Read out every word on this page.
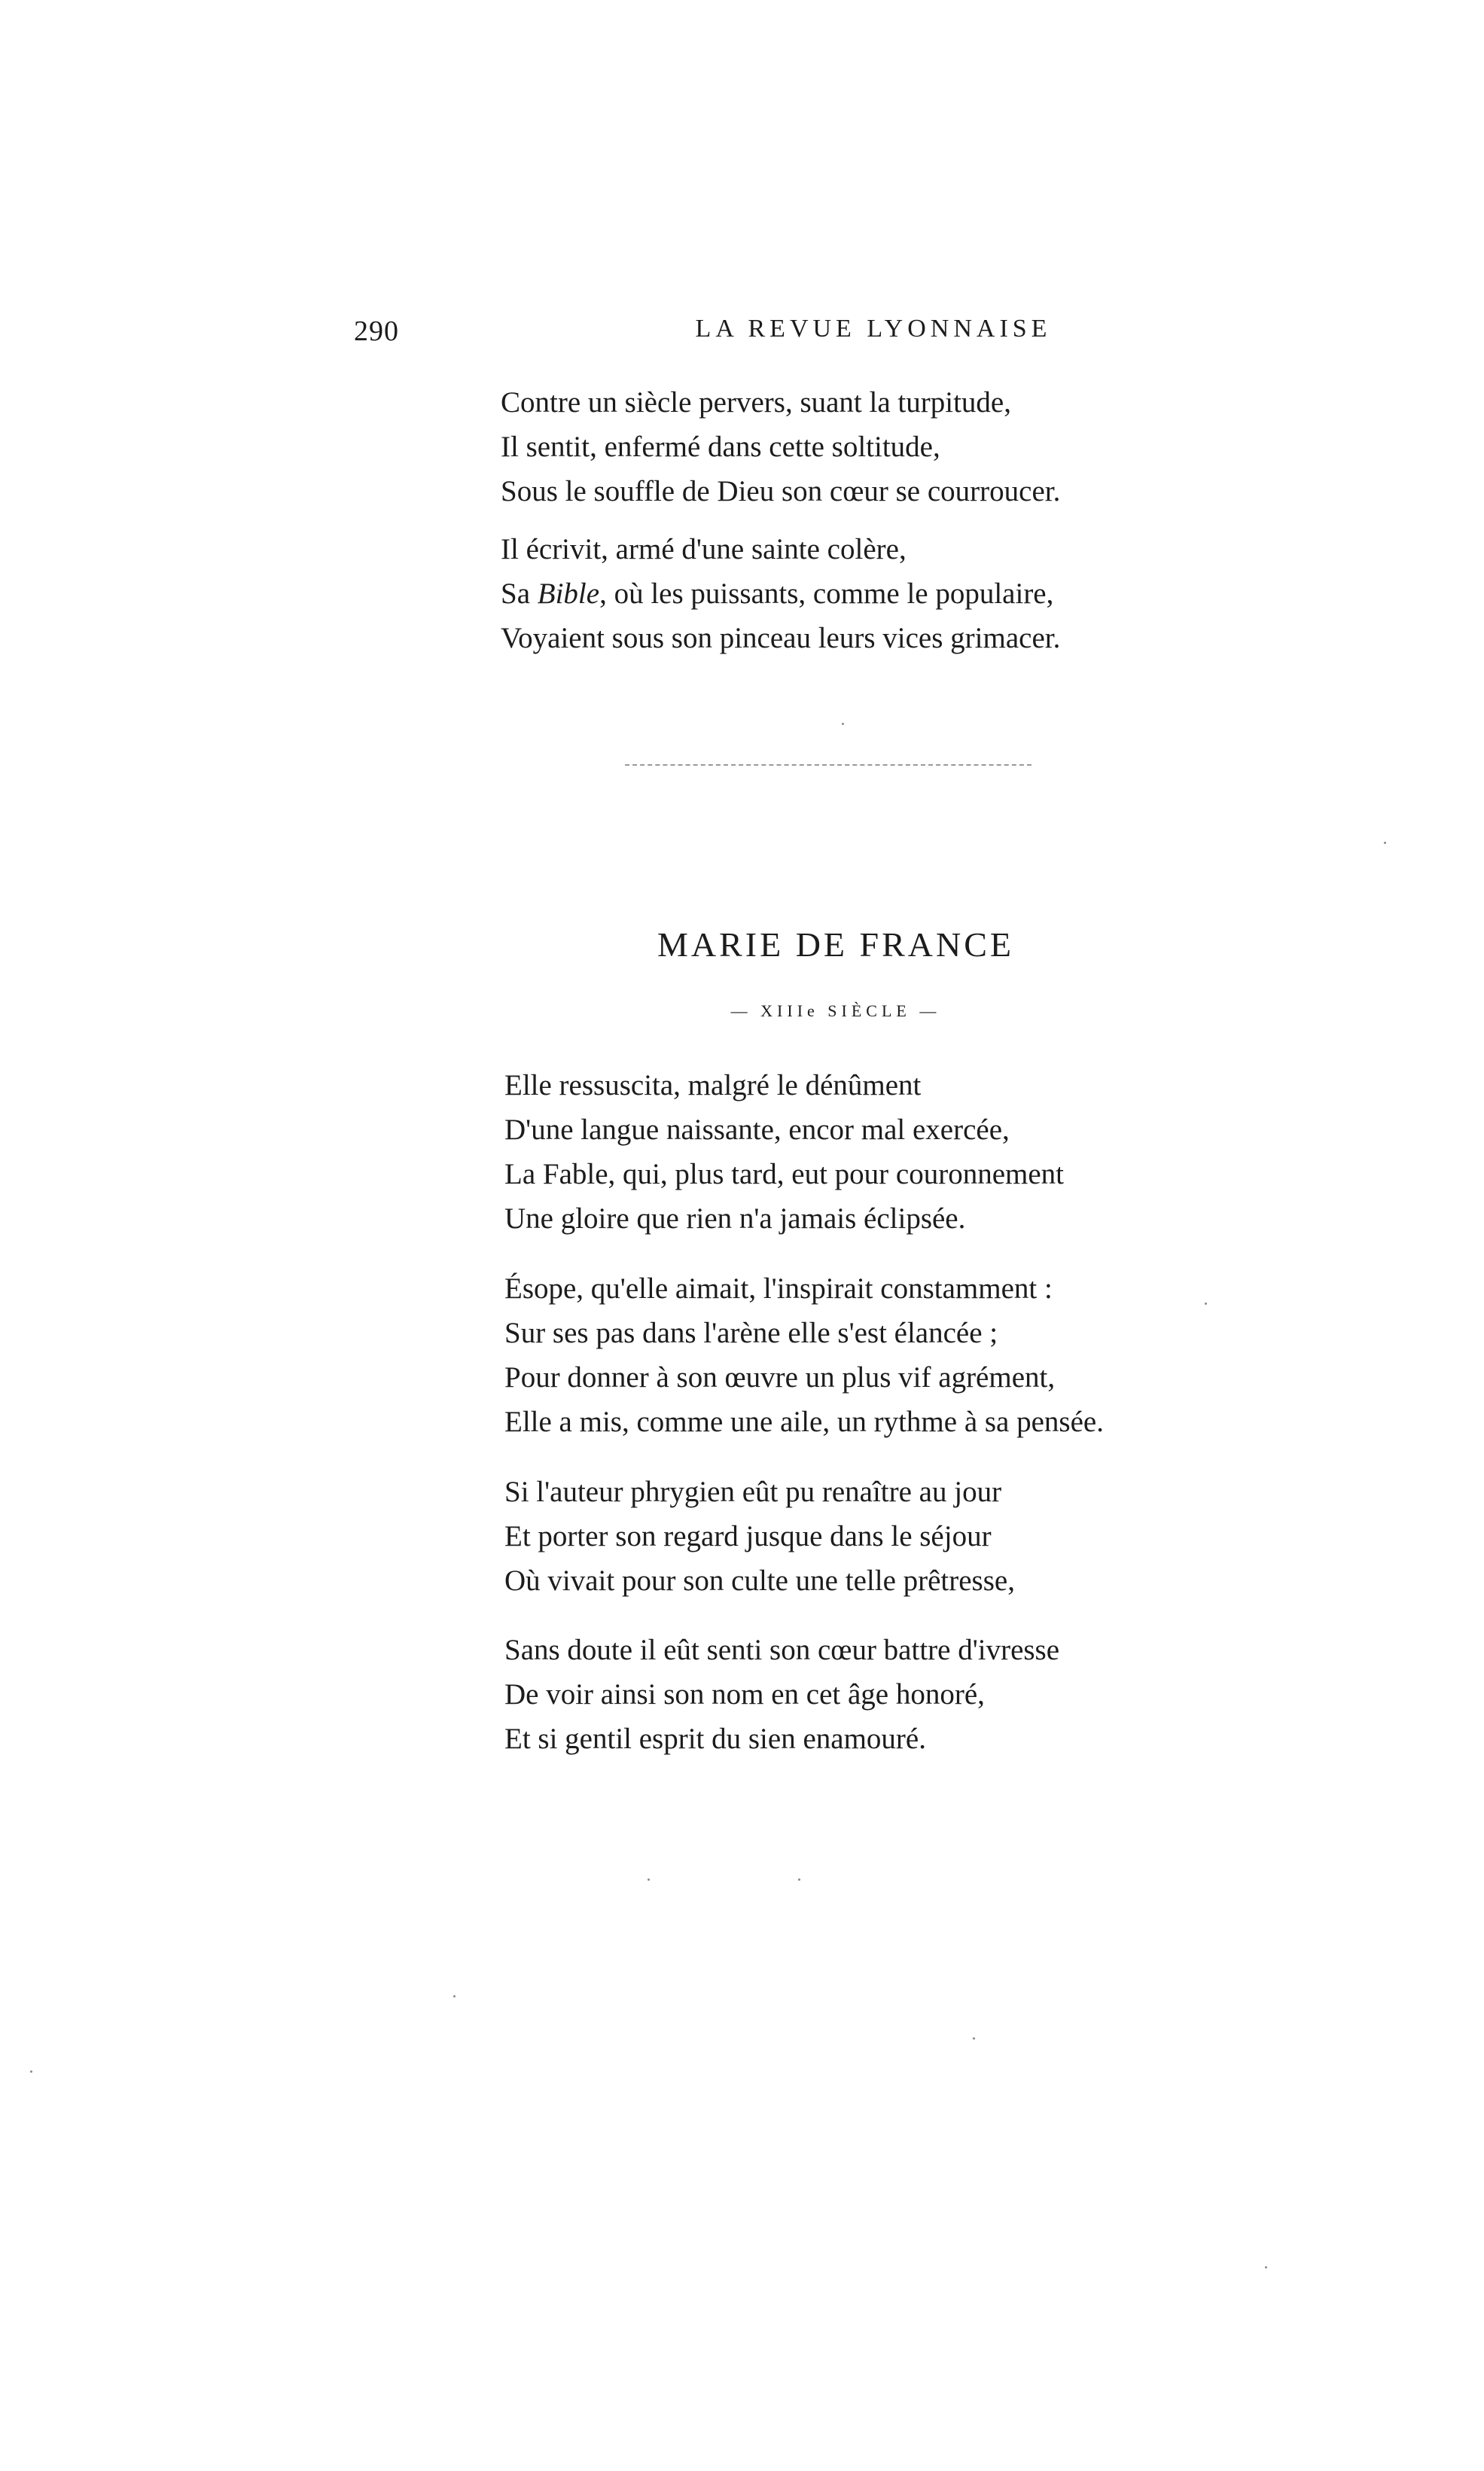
290	LA REVUE LYONNAISE
Contre un siècle pervers, suant la turpitude,
Il sentit, enfermé dans cette soltitude,
Sous le souffle de Dieu son cœur se courroucer.
Il écrivit, armé d'une sainte colère,
Sa Bible, où les puissants, comme le populaire,
Voyaient sous son pinceau leurs vices grimacer.
MARIE DE FRANCE
— XIIIe SIÈCLE —
Elle ressuscita, malgré le dénûment
D'une langue naissante, encor mal exercée,
La Fable, qui, plus tard, eut pour couronnement
Une gloire que rien n'a jamais éclipsée.
Ésope, qu'elle aimait, l'inspirait constamment :
Sur ses pas dans l'arène elle s'est élancée ;
Pour donner à son œuvre un plus vif agrément,
Elle a mis, comme une aile, un rythme à sa pensée.
Si l'auteur phrygien eût pu renaître au jour
Et porter son regard jusque dans le séjour
Où vivait pour son culte une telle prêtresse,
Sans doute il eût senti son cœur battre d'ivresse
De voir ainsi son nom en cet âge honoré,
Et si gentil esprit du sien enamouré.
